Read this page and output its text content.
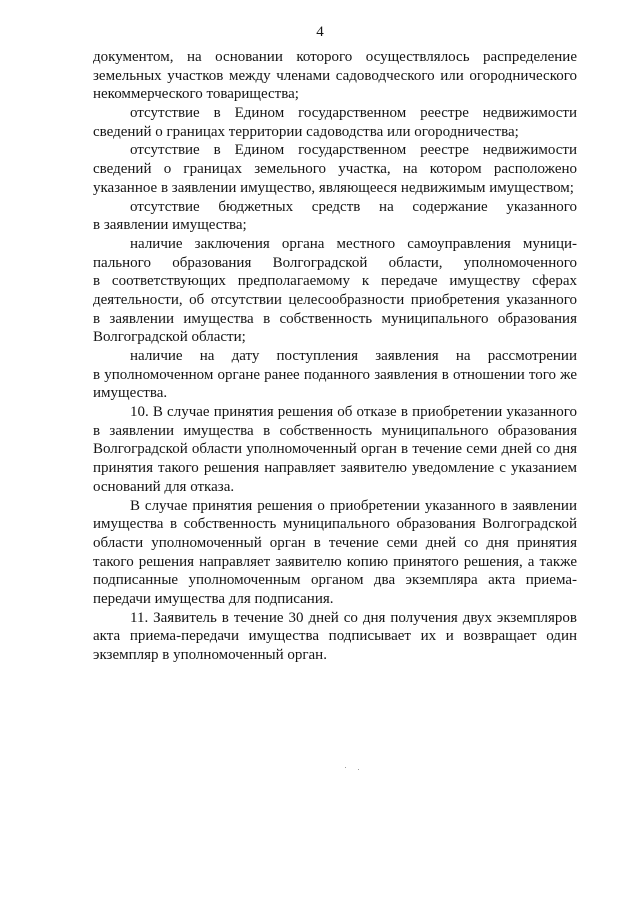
4
документом, на основании которого осуществлялось распределение
земельных участков между членами садоводческого или огороднического
некоммерческого товарищества;
отсутствие в Едином государственном реестре недвижимости
сведений о границах территории садоводства или огородничества;
отсутствие в Едином государственном реестре недвижимости
сведений о границах земельного участка, на котором расположено
указанное в заявлении имущество, являющееся недвижимым имуществом;
отсутствие бюджетных средств на содержание указанного
в заявлении имущества;
наличие заключения органа местного самоуправления муници-
пального образования Волгоградской области, уполномоченного
в соответствующих предполагаемому к передаче имуществу сферах
деятельности, об отсутствии целесообразности приобретения указанного
в заявлении имущества в собственность муниципального образования
Волгоградской области;
наличие на дату поступления заявления на рассмотрении
в уполномоченном органе ранее поданного заявления в отношении того же
имущества.
10. В случае принятия решения об отказе в приобретении указанного
в заявлении имущества в собственность муниципального образования
Волгоградской области уполномоченный орган в течение семи дней со дня
принятия такого решения направляет заявителю уведомление с указанием
оснований для отказа.
В случае принятия решения о приобретении указанного в заявлении
имущества в собственность муниципального образования Волгоградской
области уполномоченный орган в течение семи дней со дня принятия
такого решения направляет заявителю копию принятого решения, а также
подписанные уполномоченным органом два экземпляра акта приема-
передачи имущества для подписания.
11. Заявитель в течение 30 дней со дня получения двух экземпляров
акта приема-передачи имущества подписывает их и возвращает один
экземпляр в уполномоченный орган.
